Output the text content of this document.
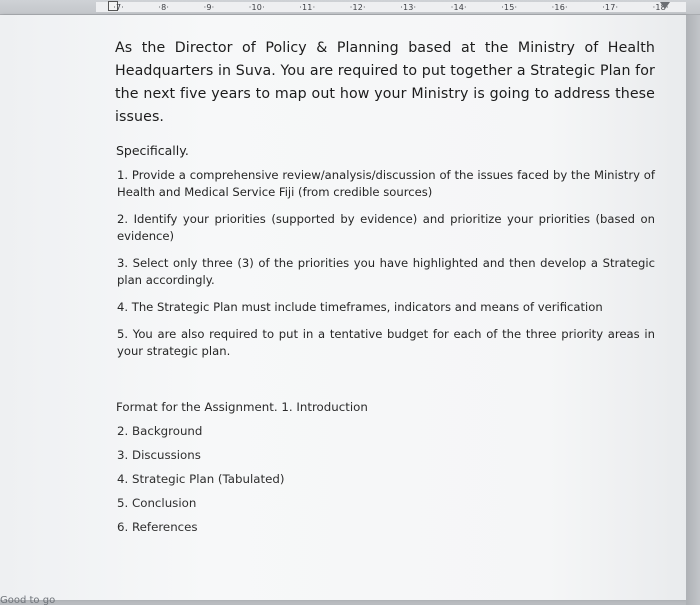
·7·	·8·	·9·	·10·	·11·	·12·	·13·	·14·	·15·	·16·	·17·	·18·

As the Director of Policy & Planning based at the Ministry of Health Headquarters in Suva. You are required to put together a Strategic Plan for the next five years to map out how your Ministry is going to address these issues.

Specifically.
1. Provide a comprehensive review/analysis/discussion of the issues faced by the Ministry of Health and Medical Service Fiji (from credible sources)
2. Identify your priorities (supported by evidence) and prioritize your priorities (based on evidence)
3. Select only three (3) of the priorities you have highlighted and then develop a Strategic plan accordingly.
4. The Strategic Plan must include timeframes, indicators and means of verification
5. You are also required to put in a tentative budget for each of the three priority areas in your strategic plan.
Format for the Assignment. 1. Introduction
2. Background
3. Discussions
4. Strategic Plan (Tabulated)
5. Conclusion
6. References
Good to go
